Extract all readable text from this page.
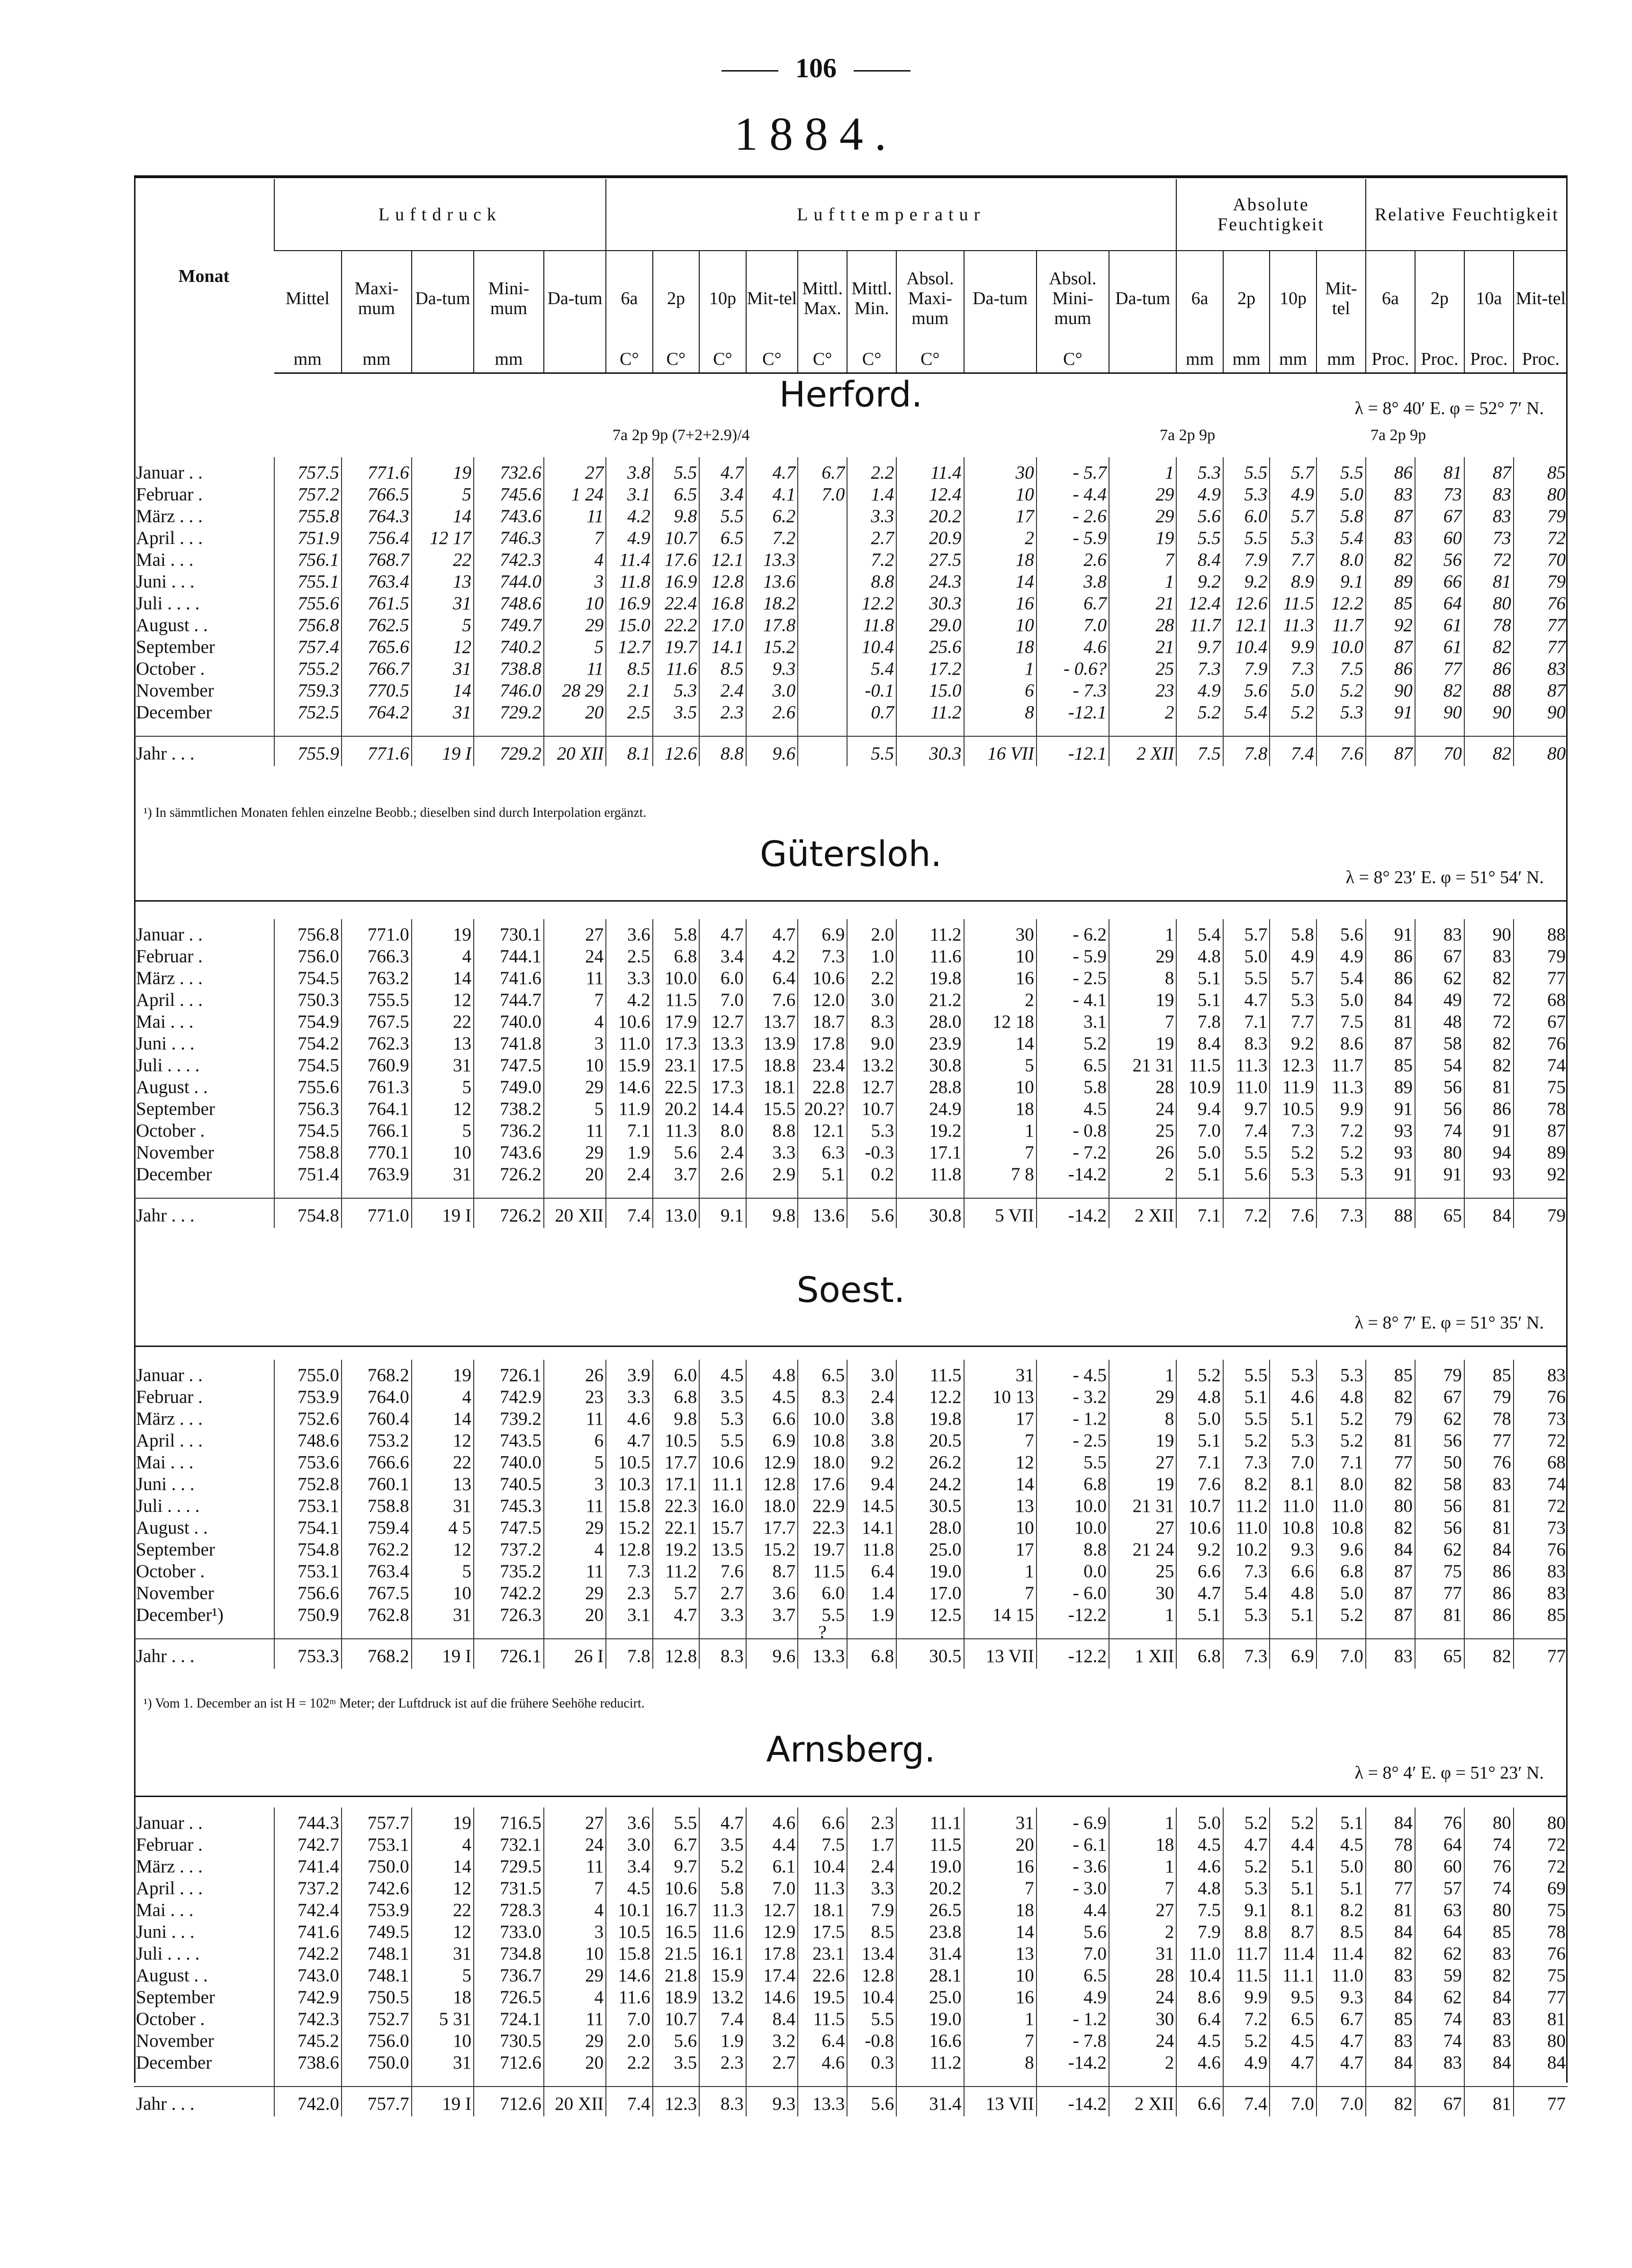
106
1884.
Monat	Luftdruck					Lufttemperatur										Absolute Feuchtigkeit				Relative Feuchtigkeit			
	Mittel	Maxi-mum	Da-tum	Mini-mum	Da-tum	6a	2p	10p	Mit-tel	Mittl. Max.	Mittl. Min.	Absol. Maxi-mum	Da-tum	Absol. Mini-mum	Da-tum	6a	2p	10p	Mit-tel	6a	2p	10a	Mit-tel
	mm	mm		mm		C°	C°	C°	C°	C°	C°	C°		C°		mm	mm	mm	mm	Proc.	Proc.	Proc.	Proc.
Herford.	λ = 8° 40′ E. φ = 52° 7′ N.
7a 2p 9p (7+2+2.9)/4	7a 2p 9p	7a 2p 9p
Januar . .	757.5	771.6	19	732.6	27	3.8	5.5	4.7	4.7	6.7	2.2	11.4	30	- 5.7	1	5.3	5.5	5.7	5.5	86	81	87	85
Februar .	757.2	766.5	5	745.6	1 24	3.1	6.5	3.4	4.1	7.0	1.4	12.4	10	- 4.4	29	4.9	5.3	4.9	5.0	83	73	83	80
März . . .	755.8	764.3	14	743.6	11	4.2	9.8	5.5	6.2		3.3	20.2	17	- 2.6	29	5.6	6.0	5.7	5.8	87	67	83	79
April . . .	751.9	756.4	12 17	746.3	7	4.9	10.7	6.5	7.2		2.7	20.9	2	- 5.9	19	5.5	5.5	5.3	5.4	83	60	73	72
Mai . . .	756.1	768.7	22	742.3	4	11.4	17.6	12.1	13.3		7.2	27.5	18	2.6	7	8.4	7.9	7.7	8.0	82	56	72	70
Juni . . .	755.1	763.4	13	744.0	3	11.8	16.9	12.8	13.6		8.8	24.3	14	3.8	1	9.2	9.2	8.9	9.1	89	66	81	79
Juli . . . .	755.6	761.5	31	748.6	10	16.9	22.4	16.8	18.2		12.2	30.3	16	6.7	21	12.4	12.6	11.5	12.2	85	64	80	76
August . .	756.8	762.5	5	749.7	29	15.0	22.2	17.0	17.8		11.8	29.0	10	7.0	28	11.7	12.1	11.3	11.7	92	61	78	77
September	757.4	765.6	12	740.2	5	12.7	19.7	14.1	15.2		10.4	25.6	18	4.6	21	9.7	10.4	9.9	10.0	87	61	82	77
October .	755.2	766.7	31	738.8	11	8.5	11.6	8.5	9.3		5.4	17.2	1	- 0.6?	25	7.3	7.9	7.3	7.5	86	77	86	83
November	759.3	770.5	14	746.0	28 29	2.1	5.3	2.4	3.0		-0.1	15.0	6	- 7.3	23	4.9	5.6	5.0	5.2	90	82	88	87
December	752.5	764.2	31	729.2	20	2.5	3.5	2.3	2.6		0.7	11.2	8	-12.1	2	5.2	5.4	5.2	5.3	91	90	90	90

Jahr . . .	755.9	771.6	19 I	729.2	20 XII	8.1	12.6	8.8	9.6		5.5	30.3	16 VII	-12.1	2 XII	7.5	7.8	7.4	7.6	87	70	82	80
¹) In sämmtlichen Monaten fehlen einzelne Beobb.; dieselben sind durch Interpolation ergänzt.
Gütersloh.
λ = 8° 23′ E. φ = 51° 54′ N.
Januar . .	756.8	771.0	19	730.1	27	3.6	5.8	4.7	4.7	6.9	2.0	11.2	30	- 6.2	1	5.4	5.7	5.8	5.6	91	83	90	88
Februar .	756.0	766.3	4	744.1	24	2.5	6.8	3.4	4.2	7.3	1.0	11.6	10	- 5.9	29	4.8	5.0	4.9	4.9	86	67	83	79
März . . .	754.5	763.2	14	741.6	11	3.3	10.0	6.0	6.4	10.6	2.2	19.8	16	- 2.5	8	5.1	5.5	5.7	5.4	86	62	82	77
April . . .	750.3	755.5	12	744.7	7	4.2	11.5	7.0	7.6	12.0	3.0	21.2	2	- 4.1	19	5.1	4.7	5.3	5.0	84	49	72	68
Mai . . .	754.9	767.5	22	740.0	4	10.6	17.9	12.7	13.7	18.7	8.3	28.0	12 18	3.1	7	7.8	7.1	7.7	7.5	81	48	72	67
Juni . . .	754.2	762.3	13	741.8	3	11.0	17.3	13.3	13.9	17.8	9.0	23.9	14	5.2	19	8.4	8.3	9.2	8.6	87	58	82	76
Juli . . . .	754.5	760.9	31	747.5	10	15.9	23.1	17.5	18.8	23.4	13.2	30.8	5	6.5	21 31	11.5	11.3	12.3	11.7	85	54	82	74
August . .	755.6	761.3	5	749.0	29	14.6	22.5	17.3	18.1	22.8	12.7	28.8	10	5.8	28	10.9	11.0	11.9	11.3	89	56	81	75
September	756.3	764.1	12	738.2	5	11.9	20.2	14.4	15.5	20.2?	10.7	24.9	18	4.5	24	9.4	9.7	10.5	9.9	91	56	86	78
October .	754.5	766.1	5	736.2	11	7.1	11.3	8.0	8.8	12.1	5.3	19.2	1	- 0.8	25	7.0	7.4	7.3	7.2	93	74	91	87
November	758.8	770.1	10	743.6	29	1.9	5.6	2.4	3.3	6.3	-0.3	17.1	7	- 7.2	26	5.0	5.5	5.2	5.2	93	80	94	89
December	751.4	763.9	31	726.2	20	2.4	3.7	2.6	2.9	5.1	0.2	11.8	7 8	-14.2	2	5.1	5.6	5.3	5.3	91	91	93	92

Jahr . . .	754.8	771.0	19 I	726.2	20 XII	7.4	13.0	9.1	9.8	13.6	5.6	30.8	5 VII	-14.2	2 XII	7.1	7.2	7.6	7.3	88	65	84	79
Soest.
λ = 8° 7′ E. φ = 51° 35′ N.
Januar . .	755.0	768.2	19	726.1	26	3.9	6.0	4.5	4.8	6.5	3.0	11.5	31	- 4.5	1	5.2	5.5	5.3	5.3	85	79	85	83
Februar .	753.9	764.0	4	742.9	23	3.3	6.8	3.5	4.5	8.3	2.4	12.2	10 13	- 3.2	29	4.8	5.1	4.6	4.8	82	67	79	76
März . . .	752.6	760.4	14	739.2	11	4.6	9.8	5.3	6.6	10.0	3.8	19.8	17	- 1.2	8	5.0	5.5	5.1	5.2	79	62	78	73
April . . .	748.6	753.2	12	743.5	6	4.7	10.5	5.5	6.9	10.8	3.8	20.5	7	- 2.5	19	5.1	5.2	5.3	5.2	81	56	77	72
Mai . . .	753.6	766.6	22	740.0	5	10.5	17.7	10.6	12.9	18.0	9.2	26.2	12	5.5	27	7.1	7.3	7.0	7.1	77	50	76	68
Juni . . .	752.8	760.1	13	740.5	3	10.3	17.1	11.1	12.8	17.6	9.4	24.2	14	6.8	19	7.6	8.2	8.1	8.0	82	58	83	74
Juli . . . .	753.1	758.8	31	745.3	11	15.8	22.3	16.0	18.0	22.9	14.5	30.5	13	10.0	21 31	10.7	11.2	11.0	11.0	80	56	81	72
August . .	754.1	759.4	4 5	747.5	29	15.2	22.1	15.7	17.7	22.3	14.1	28.0	10	10.0	27	10.6	11.0	10.8	10.8	82	56	81	73
September	754.8	762.2	12	737.2	4	12.8	19.2	13.5	15.2	19.7	11.8	25.0	17	8.8	21 24	9.2	10.2	9.3	9.6	84	62	84	76
October .	753.1	763.4	5	735.2	11	7.3	11.2	7.6	8.7	11.5	6.4	19.0	1	0.0	25	6.6	7.3	6.6	6.8	87	75	86	83
November	756.6	767.5	10	742.2	29	2.3	5.7	2.7	3.6	6.0	1.4	17.0	7	- 6.0	30	4.7	5.4	4.8	5.0	87	77	86	83
December¹)	750.9	762.8	31	726.3	20	3.1	4.7	3.3	3.7	5.5	1.9	12.5	14 15	-12.2	1	5.1	5.3	5.1	5.2	87	81	86	85
										?													
Jahr . . .	753.3	768.2	19 I	726.1	26 I	7.8	12.8	8.3	9.6	13.3	6.8	30.5	13 VII	-12.2	1 XII	6.8	7.3	6.9	7.0	83	65	82	77
¹) Vom 1. December an ist H = 102ᵐ Meter; der Luftdruck ist auf die frühere Seehöhe reducirt.
Arnsberg.
λ = 8° 4′ E. φ = 51° 23′ N.
Januar . .	744.3	757.7	19	716.5	27	3.6	5.5	4.7	4.6	6.6	2.3	11.1	31	- 6.9	1	5.0	5.2	5.2	5.1	84	76	80	80
Februar .	742.7	753.1	4	732.1	24	3.0	6.7	3.5	4.4	7.5	1.7	11.5	20	- 6.1	18	4.5	4.7	4.4	4.5	78	64	74	72
März . . .	741.4	750.0	14	729.5	11	3.4	9.7	5.2	6.1	10.4	2.4	19.0	16	- 3.6	1	4.6	5.2	5.1	5.0	80	60	76	72
April . . .	737.2	742.6	12	731.5	7	4.5	10.6	5.8	7.0	11.3	3.3	20.2	7	- 3.0	7	4.8	5.3	5.1	5.1	77	57	74	69
Mai . . .	742.4	753.9	22	728.3	4	10.1	16.7	11.3	12.7	18.1	7.9	26.5	18	4.4	27	7.5	9.1	8.1	8.2	81	63	80	75
Juni . . .	741.6	749.5	12	733.0	3	10.5	16.5	11.6	12.9	17.5	8.5	23.8	14	5.6	2	7.9	8.8	8.7	8.5	84	64	85	78
Juli . . . .	742.2	748.1	31	734.8	10	15.8	21.5	16.1	17.8	23.1	13.4	31.4	13	7.0	31	11.0	11.7	11.4	11.4	82	62	83	76
August . .	743.0	748.1	5	736.7	29	14.6	21.8	15.9	17.4	22.6	12.8	28.1	10	6.5	28	10.4	11.5	11.1	11.0	83	59	82	75
September	742.9	750.5	18	726.5	4	11.6	18.9	13.2	14.6	19.5	10.4	25.0	16	4.9	24	8.6	9.9	9.5	9.3	84	62	84	77
October .	742.3	752.7	5 31	724.1	11	7.0	10.7	7.4	8.4	11.5	5.5	19.0	1	- 1.2	30	6.4	7.2	6.5	6.7	85	74	83	81
November	745.2	756.0	10	730.5	29	2.0	5.6	1.9	3.2	6.4	-0.8	16.6	7	- 7.8	24	4.5	5.2	4.5	4.7	83	74	83	80
December	738.6	750.0	31	712.6	20	2.2	3.5	2.3	2.7	4.6	0.3	11.2	8	-14.2	2	4.6	4.9	4.7	4.7	84	83	84	84

Jahr . . .	742.0	757.7	19 I	712.6	20 XII	7.4	12.3	8.3	9.3	13.3	5.6	31.4	13 VII	-14.2	2 XII	6.6	7.4	7.0	7.0	82	67	81	77
